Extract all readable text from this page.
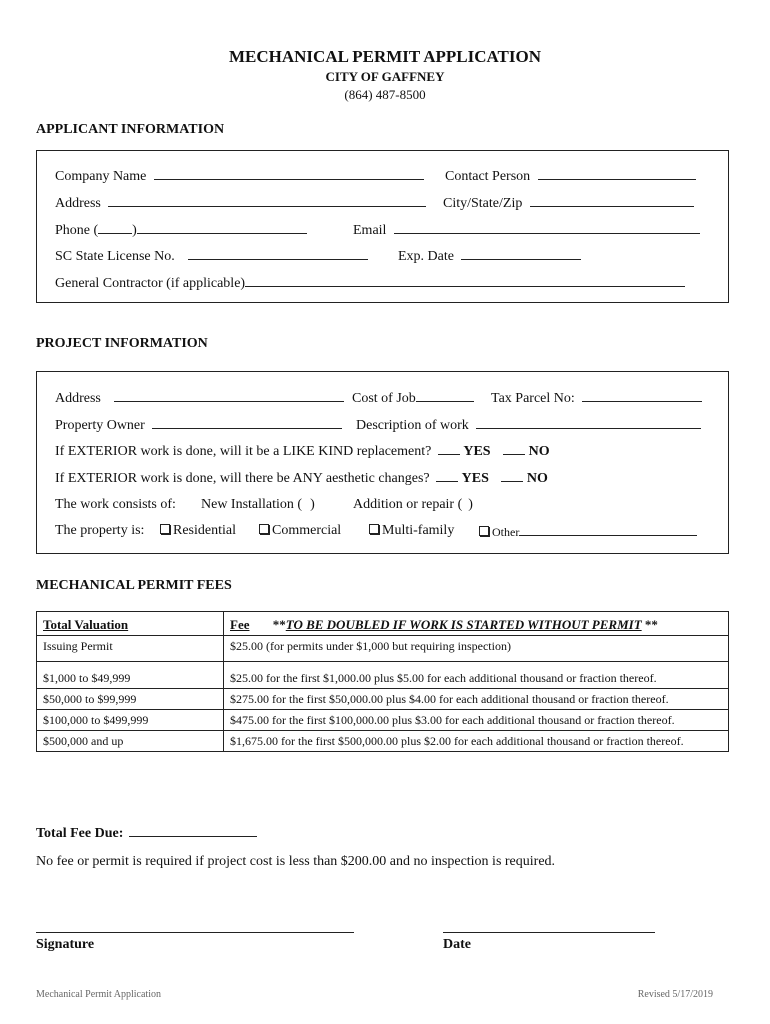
MECHANICAL PERMIT APPLICATION
CITY OF GAFFNEY
(864) 487-8500
APPLICANT INFORMATION
Company Name	Contact Person
Address	City/State/Zip
Phone ( )	Email
SC State License No.	Exp. Date
General Contractor (if applicable)
PROJECT INFORMATION
Address	Cost of Job	Tax Parcel No:
Property Owner	Description of work
If EXTERIOR work is done, will it be a LIKE KIND replacement? YES	NO
If EXTERIOR work is done, will there be ANY aesthetic changes? YES	NO
The work consists of: New Installation ( )	Addition or repair ( )
The property is:	Residential	Commercial	Multi-family	Other
MECHANICAL PERMIT FEES
Total Valuation	Fee **TO BE DOUBLED IF WORK IS STARTED WITHOUT PERMIT **
Issuing Permit	$25.00 (for permits under $1,000 but requiring inspection)
$1,000 to $49,999	$25.00 for the first $1,000.00 plus $5.00 for each additional thousand or fraction thereof.
$50,000 to $99,999	$275.00 for the first $50,000.00 plus $4.00 for each additional thousand or fraction thereof.
$100,000 to $499,999	$475.00 for the first $100,000.00 plus $3.00 for each additional thousand or fraction thereof.
$500,000 and up	$1,675.00 for the first $500,000.00 plus $2.00 for each additional thousand or fraction thereof.
Total Fee Due:
No fee or permit is required if project cost is less than $200.00 and no inspection is required.
Signature	Date
Mechanical Permit Application	Revised 5/17/2019
